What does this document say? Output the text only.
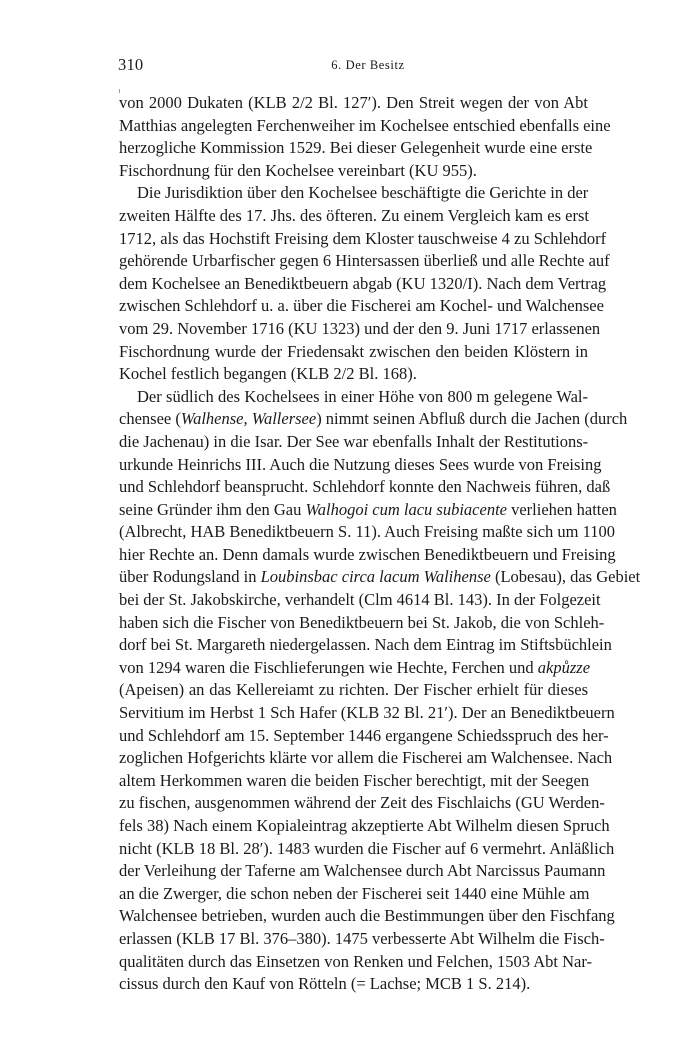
310	6. Der Besitz

von 2000 Dukaten (KLB 2/2 Bl. 127′). Den Streit wegen der von Abt
Matthias angelegten Ferchenweiher im Kochelsee entschied ebenfalls eine
herzogliche Kommission 1529. Bei dieser Gelegenheit wurde eine erste
Fischordnung für den Kochelsee vereinbart (KU 955).

Die Jurisdiktion über den Kochelsee beschäftigte die Gerichte in der
zweiten Hälfte des 17. Jhs. des öfteren. Zu einem Vergleich kam es erst
1712, als das Hochstift Freising dem Kloster tauschweise 4 zu Schlehdorf
gehörende Urbarfischer gegen 6 Hintersassen überließ und alle Rechte auf
dem Kochelsee an Benediktbeuern abgab (KU 1320/I). Nach dem Vertrag
zwischen Schlehdorf u. a. über die Fischerei am Kochel- und Walchensee
vom 29. November 1716 (KU 1323) und der den 9. Juni 1717 erlassenen
Fischordnung wurde der Friedensakt zwischen den beiden Klöstern in
Kochel festlich begangen (KLB 2/2 Bl. 168).

Der südlich des Kochelsees in einer Höhe von 800 m gelegene Wal-
chensee (Walhense, Wallersee) nimmt seinen Abfluß durch die Jachen (durch
die Jachenau) in die Isar. Der See war ebenfalls Inhalt der Restitutions-
urkunde Heinrichs III. Auch die Nutzung dieses Sees wurde von Freising
und Schlehdorf beansprucht. Schlehdorf konnte den Nachweis führen, daß
seine Gründer ihm den Gau Walhogoi cum lacu subiacente verliehen hatten
(Albrecht, HAB Benediktbeuern S. 11). Auch Freising maßte sich um 1100
hier Rechte an. Denn damals wurde zwischen Benediktbeuern und Freising
über Rodungsland in Loubinsbac circa lacum Walihense (Lobesau), das Gebiet
bei der St. Jakobskirche, verhandelt (Clm 4614 Bl. 143). In der Folgezeit
haben sich die Fischer von Benediktbeuern bei St. Jakob, die von Schleh-
dorf bei St. Margareth niedergelassen. Nach dem Eintrag im Stiftsbüchlein
von 1294 waren die Fischlieferungen wie Hechte, Ferchen und akpůzze
(Apeisen) an das Kellereiamt zu richten. Der Fischer erhielt für dieses
Servitium im Herbst 1 Sch Hafer (KLB 32 Bl. 21′). Der an Benediktbeuern
und Schlehdorf am 15. September 1446 ergangene Schiedsspruch des her-
zoglichen Hofgerichts klärte vor allem die Fischerei am Walchensee. Nach
altem Herkommen waren die beiden Fischer berechtigt, mit der Seegen
zu fischen, ausgenommen während der Zeit des Fischlaichs (GU Werden-
fels 38) Nach einem Kopialeintrag akzeptierte Abt Wilhelm diesen Spruch
nicht (KLB 18 Bl. 28′). 1483 wurden die Fischer auf 6 vermehrt. Anläßlich
der Verleihung der Taferne am Walchensee durch Abt Narcissus Paumann
an die Zwerger, die schon neben der Fischerei seit 1440 eine Mühle am
Walchensee betrieben, wurden auch die Bestimmungen über den Fischfang
erlassen (KLB 17 Bl. 376–380). 1475 verbesserte Abt Wilhelm die Fisch-
qualitäten durch das Einsetzen von Renken und Felchen, 1503 Abt Nar-
cissus durch den Kauf von Rötteln (= Lachse; MCB 1 S. 214).
